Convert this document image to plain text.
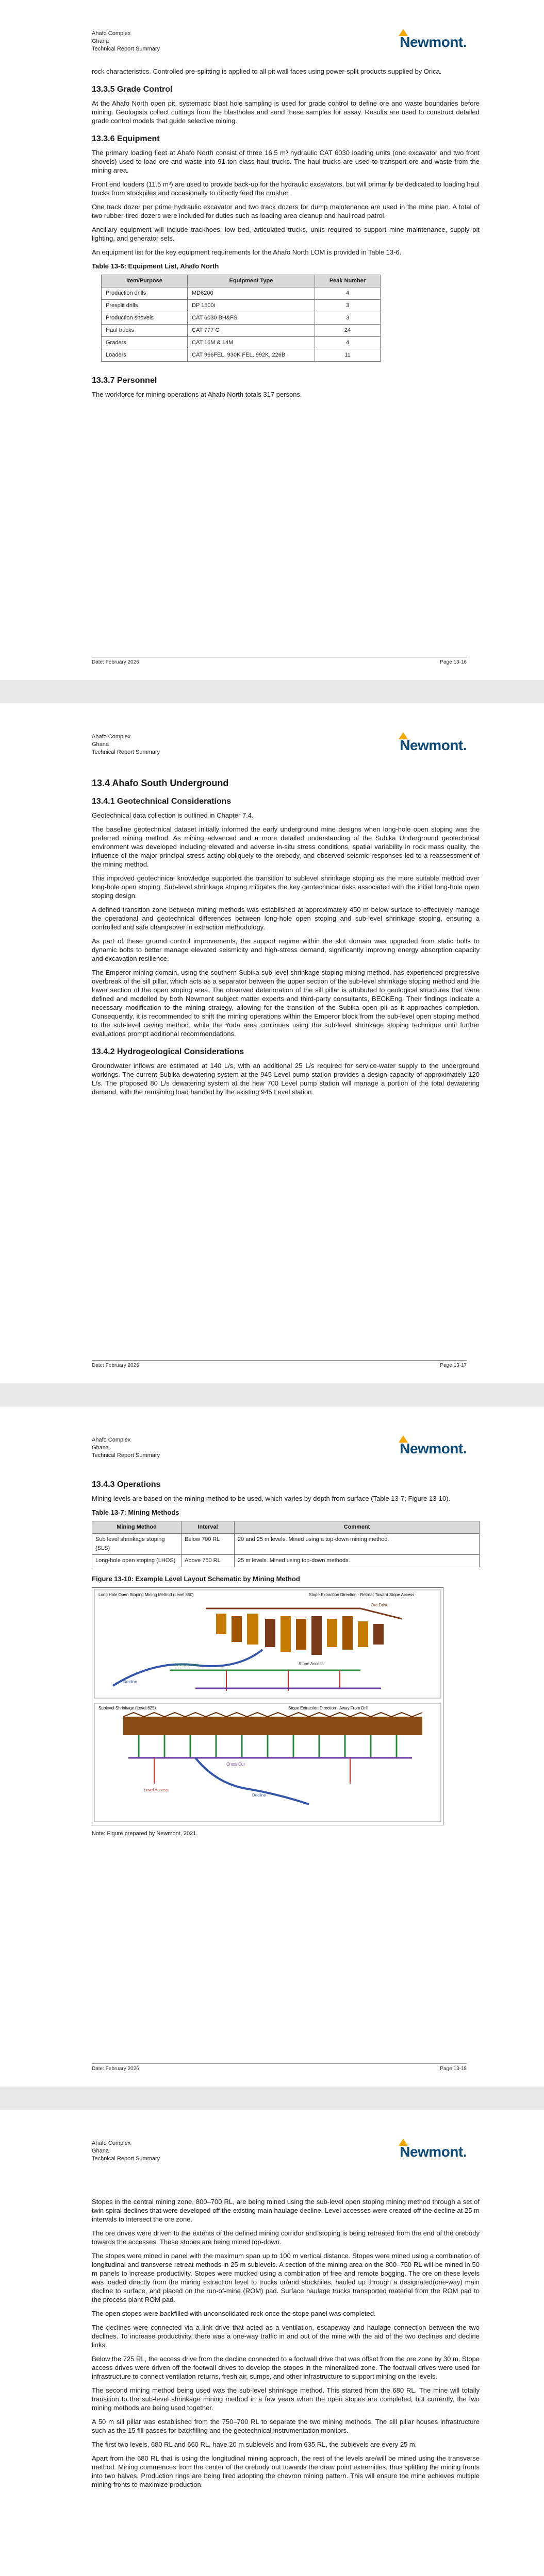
Ahafo Complex
Ghana
Technical Report Summary	Newmont.

rock characteristics. Controlled pre-splitting is applied to all pit wall faces using power-split products supplied by Orica.

13.3.5 Grade Control

At the Ahafo North open pit, systematic blast hole sampling is used for grade control to define ore and waste boundaries before mining. Geologists collect cuttings from the blastholes and send these samples for assay. Results are used to construct detailed grade control models that guide selective mining.

13.3.6 Equipment

The primary loading fleet at Ahafo North consist of three 16.5 m³ hydraulic CAT 6030 loading units (one excavator and two front shovels) used to load ore and waste into 91-ton class haul trucks. The haul trucks are used to transport ore and waste from the mining area.

Front end loaders (11.5 m³) are used to provide back-up for the hydraulic excavators, but will primarily be dedicated to loading haul trucks from stockpiles and occasionally to directly feed the crusher.

One track dozer per prime hydraulic excavator and two track dozers for dump maintenance are used in the mine plan. A total of two rubber-tired dozers were included for duties such as loading area cleanup and haul road patrol.

Ancillary equipment will include trackhoes, low bed, articulated trucks, units required to support mine maintenance, supply pit lighting, and generator sets.

An equipment list for the key equipment requirements for the Ahafo North LOM is provided in Table 13-6.

Table 13-6: Equipment List, Ahafo North
Item/Purpose	Equipment Type	Peak Number
Production drills	MD6200	4
Presplit drills	DP 1500i	3
Production shovels	CAT 6030 BH&FS	3
Haul trucks	CAT 777 G	24
Graders	CAT 16M & 14M	4
Loaders	CAT 966FEL, 930K FEL, 992K, 226B	11
13.3.7 Personnel

The workforce for mining operations at Ahafo North totals 317 persons.

Date: February 2026	Page 13-16
Ahafo Complex
Ghana
Technical Report Summary	Newmont.
13.4 Ahafo South Underground
13.4.1 Geotechnical Considerations

Geotechnical data collection is outlined in Chapter 7.4.

The baseline geotechnical dataset initially informed the early underground mine designs when long-hole open stoping was the preferred mining method. As mining advanced and a more detailed understanding of the Subika Underground geotechnical environment was developed including elevated and adverse in-situ stress conditions, spatial variability in rock mass quality, the influence of the major principal stress acting obliquely to the orebody, and observed seismic responses led to a reassessment of the mining method.

This improved geotechnical knowledge supported the transition to sublevel shrinkage stoping as the more suitable method over long-hole open stoping. Sub-level shrinkage stoping mitigates the key geotechnical risks associated with the initial long-hole open stoping design.

A defined transition zone between mining methods was established at approximately 450 m below surface to effectively manage the operational and geotechnical differences between long-hole open stoping and sub-level shrinkage stoping, ensuring a controlled and safe changeover in extraction methodology.

As part of these ground control improvements, the support regime within the slot domain was upgraded from static bolts to dynamic bolts to better manage elevated seismicity and high-stress demand, significantly improving energy absorption capacity and excavation resilience.

The Emperor mining domain, using the southern Subika sub-level shrinkage stoping mining method, has experienced progressive overbreak of the sill pillar, which acts as a separator between the upper section of the sub-level shrinkage stoping method and the lower section of the open stoping area. The observed deterioration of the sill pillar is attributed to geological structures that were defined and modelled by both Newmont subject matter experts and third-party consultants, BECKEng. Their findings indicate a necessary modification to the mining strategy, allowing for the transition of the Subika open pit as it approaches completion. Consequently, it is recommended to shift the mining operations within the Emperor block from the sub-level open stoping method to the sub-level caving method, while the Yoda area continues using the sub-level shrinkage stoping technique until further evaluations prompt additional recommendations.

13.4.2 Hydrogeological Considerations

Groundwater inflows are estimated at 140 L/s, with an additional 25 L/s required for service-water supply to the underground workings. The current Subika dewatering system at the 945 Level pump station provides a design capacity of approximately 120 L/s. The proposed 80 L/s dewatering system at the new 700 Level pump station will manage a portion of the total dewatering demand, with the remaining load handled by the existing 945 Level station.

Date: February 2026	Page 13-17
Ahafo Complex
Ghana
Technical Report Summary	Newmont.
13.4.3 Operations

Mining levels are based on the mining method to be used, which varies by depth from surface (Table 13-7; Figure 13-10).

Table 13-7: Mining Methods
Mining Method	Interval	Comment
Sub level shrinkage stoping (SLS)	Below 700 RL	20 and 25 m levels. Mined using a top-down mining method.
Long-hole open stoping (LHOS)	Above 750 RL	25 m levels. Mined using top-down methods.
Figure 13-10: Example Level Layout Schematic by Mining Method
Long Hole Open Stoping Mining Method (Level 850)	Stope Extraction Direction - Retreat Toward Stope Access
Decline
Level Access
Ore Drive
Stope Access
Sublevel Shrinkage (Level 625)	Stope Extraction Direction - Away From Drill
Decline
Level Access
Cross Cut
Note: Figure prepared by Newmont, 2021.
Date: February 2026	Page 13-18
Ahafo Complex
Ghana
Technical Report Summary	Newmont.

Stopes in the central mining zone, 800–700 RL, are being mined using the sub-level open stoping mining method through a set of twin spiral declines that were developed off the existing main haulage decline. Level accesses were created off the decline at 25 m intervals to intersect the ore zone.

The ore drives were driven to the extents of the defined mining corridor and stoping is being retreated from the end of the orebody towards the accesses. These stopes are being mined top-down.

The stopes were mined in panel with the maximum span up to 100 m vertical distance. Stopes were mined using a combination of longitudinal and transverse retreat methods in 25 m sublevels. A section of the mining area on the 800–750 RL will be mined in 50 m panels to increase productivity. Stopes were mucked using a combination of free and remote bogging. The ore on these levels was loaded directly from the mining extraction level to trucks or/and stockpiles, hauled up through a designated(one-way) main decline to surface, and placed on the run-of-mine (ROM) pad. Surface haulage trucks transported material from the ROM pad to the process plant ROM pad.

The open stopes were backfilled with unconsolidated rock once the stope panel was completed.

The declines were connected via a link drive that acted as a ventilation, escapeway and haulage connection between the two declines. To increase productivity, there was a one-way traffic in and out of the mine with the aid of the two declines and decline links.

Below the 725 RL, the access drive from the decline connected to a footwall drive that was offset from the ore zone by 30 m. Stope access drives were driven off the footwall drives to develop the stopes in the mineralized zone. The footwall drives were used for infrastructure to connect ventilation returns, fresh air, sumps, and other infrastructure to support mining on the levels.

The second mining method being used was the sub-level shrinkage method. This started from the 680 RL. The mine will totally transition to the sub-level shrinkage mining method in a few years when the open stopes are completed, but currently, the two mining methods are being used together.

A 50 m sill pillar was established from the 750–700 RL to separate the two mining methods. The sill pillar houses infrastructure such as the 15 fill passes for backfilling and the geotechnical instrumentation monitors.

The first two levels, 680 RL and 660 RL, have 20 m sublevels and from 635 RL, the sublevels are every 25 m.

Apart from the 680 RL that is using the longitudinal mining approach, the rest of the levels are/will be mined using the transverse method. Mining commences from the center of the orebody out towards the draw point extremities, thus splitting the mining fronts into two halves. Production rings are being fired adopting the chevron mining pattern. This will ensure the mine achieves multiple mining fronts to maximize production.
